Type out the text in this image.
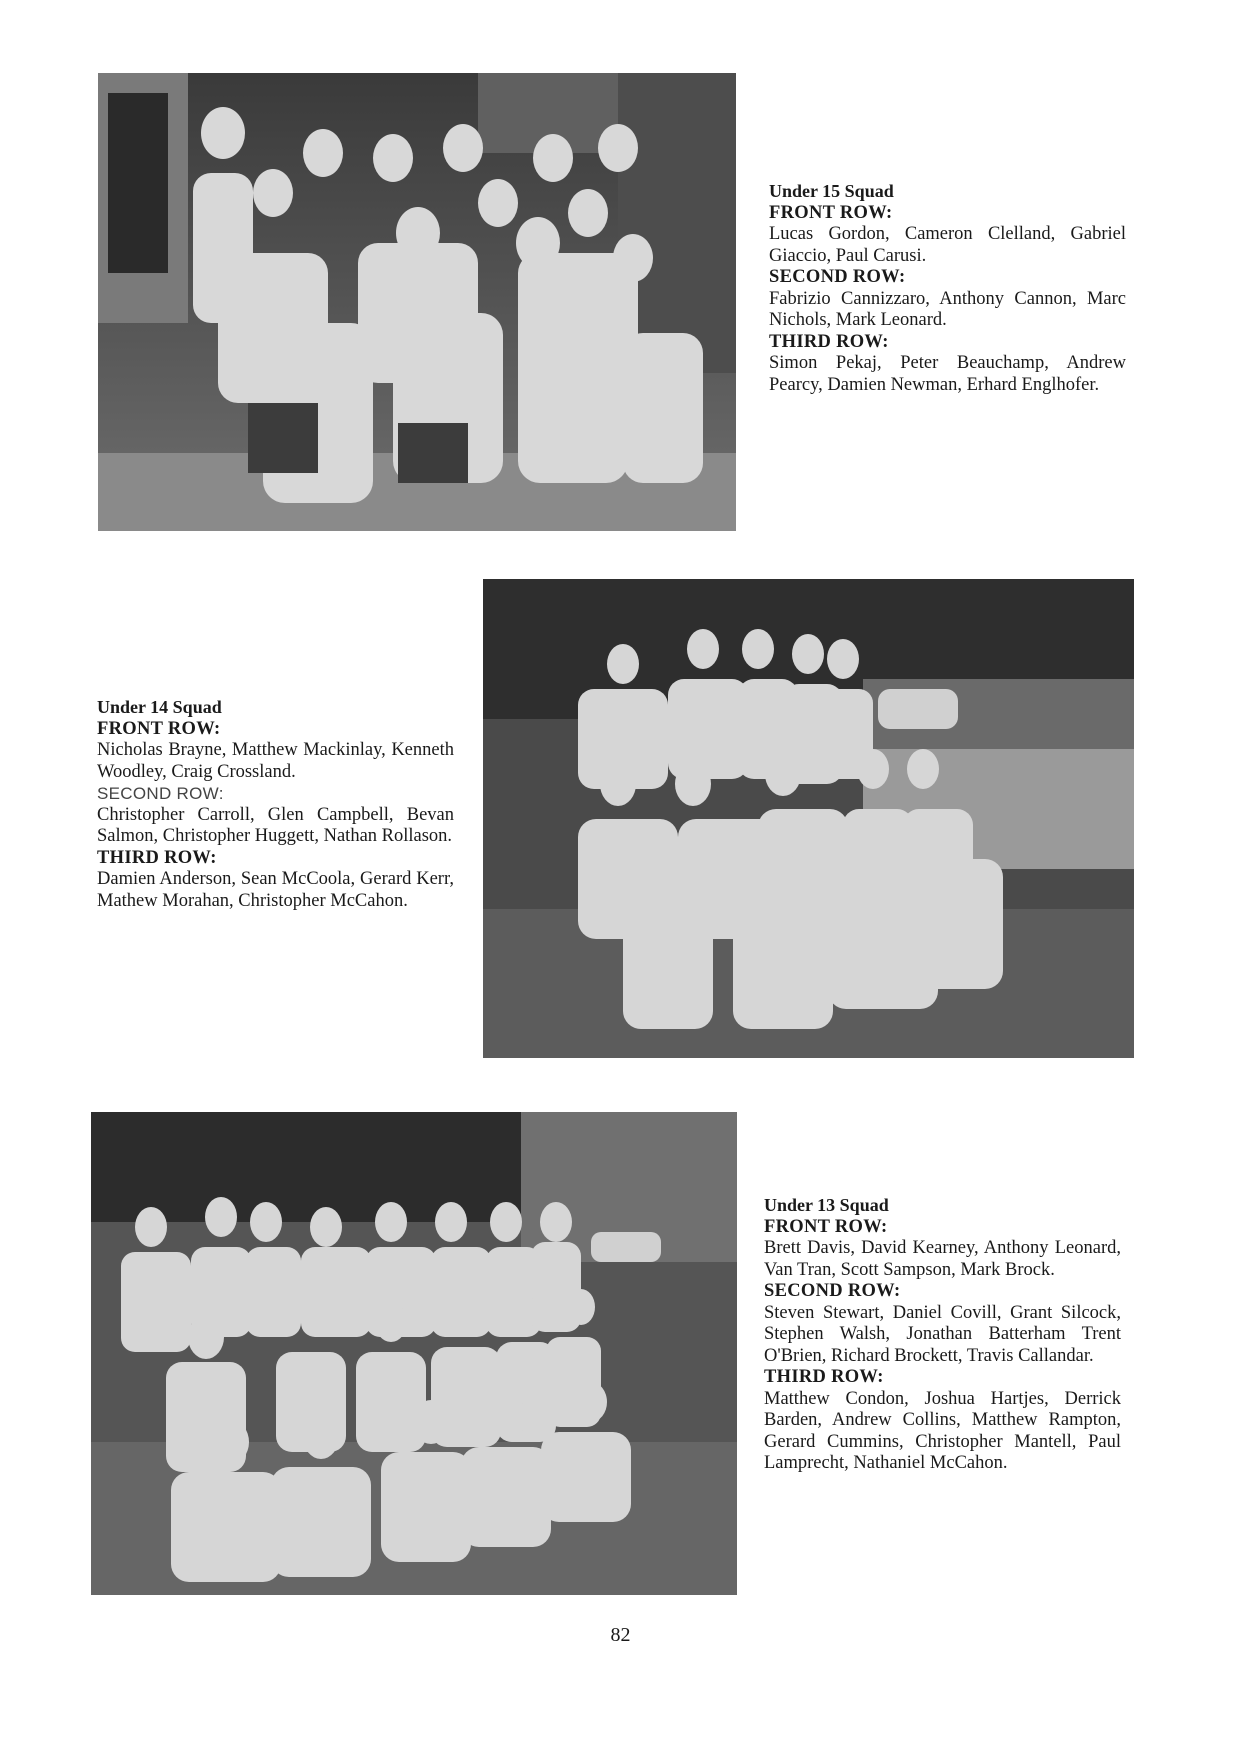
Under 15 Squad
FRONT ROW:
Lucas Gordon, Cameron Clelland, Gabriel Giaccio, Paul Carusi.
SECOND ROW:
Fabrizio Cannizzaro, Anthony Cannon, Marc Nichols, Mark Leonard.
THIRD ROW:
Simon Pekaj, Peter Beauchamp, Andrew Pearcy, Damien Newman, Erhard Englhofer.
Under 14 Squad
FRONT ROW:
Nicholas Brayne, Matthew Mackinlay, Kenneth Woodley, Craig Crossland.
SECOND ROW:
Christopher Carroll, Glen Campbell, Bevan Salmon, Christopher Huggett, Nathan Rollason.
THIRD ROW:
Damien Anderson, Sean McCoola, Gerard Kerr, Mathew Morahan, Christopher McCahon.
Under 13 Squad
FRONT ROW:
Brett Davis, David Kearney, Anthony Leonard, Van Tran, Scott Sampson, Mark Brock.
SECOND ROW:
Steven Stewart, Daniel Covill, Grant Silcock, Stephen Walsh, Jonathan Batterham Trent O'Brien, Richard Brockett, Travis Callandar.
THIRD ROW:
Matthew Condon, Joshua Hartjes, Derrick Barden, Andrew Collins, Matthew Rampton, Gerard Cummins, Christopher Mantell, Paul Lamprecht, Nathaniel McCahon.
82
